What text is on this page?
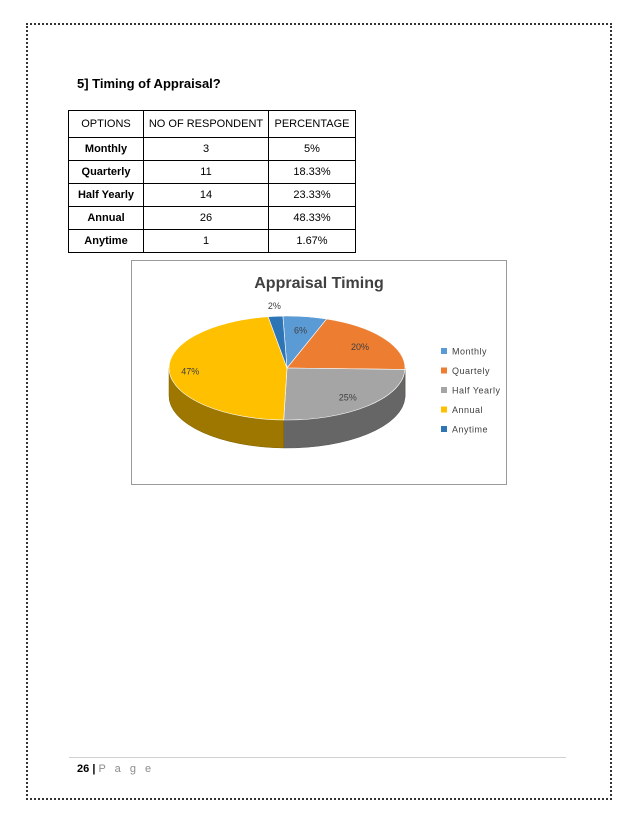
5] Timing of Appraisal?
OPTIONS	NO OF RESPONDENT	PERCENTAGE
Monthly	3	5%
Quarterly	11	18.33%
Half Yearly	14	23.33%
Annual	26	48.33%
Anytime	1	1.67%
Appraisal Timing
6%
20%
25%
47%
2%
Monthly
Quartely
Half Yearly
Annual
Anytime
26 | P a g e
